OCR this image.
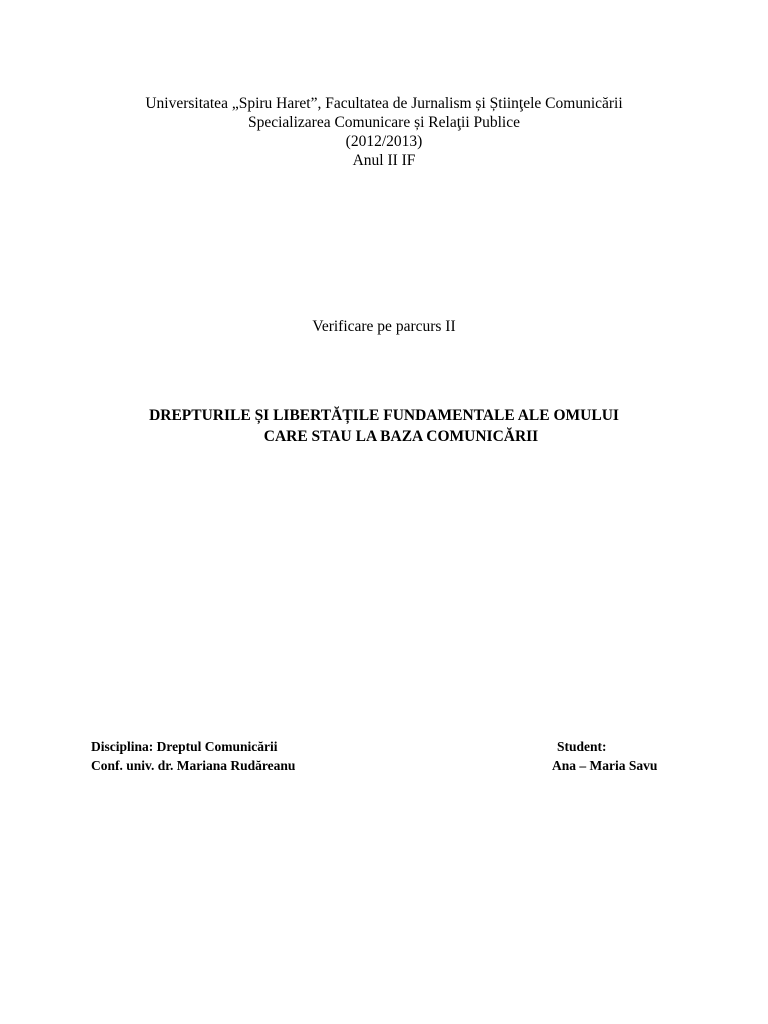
Universitatea „Spiru Haret”, Facultatea de Jurnalism și Știinţele Comunicării
Specializarea Comunicare și Relaţii Publice
(2012/2013)
Anul II IF
Verificare pe parcurs II
DREPTURILE ȘI LIBERTĂȚILE FUNDAMENTALE ALE OMULUI
CARE STAU LA BAZA COMUNICĂRII
Disciplina: Dreptul Comunicării
Conf. univ. dr. Mariana Rudăreanu
Student:
Ana – Maria Savu
